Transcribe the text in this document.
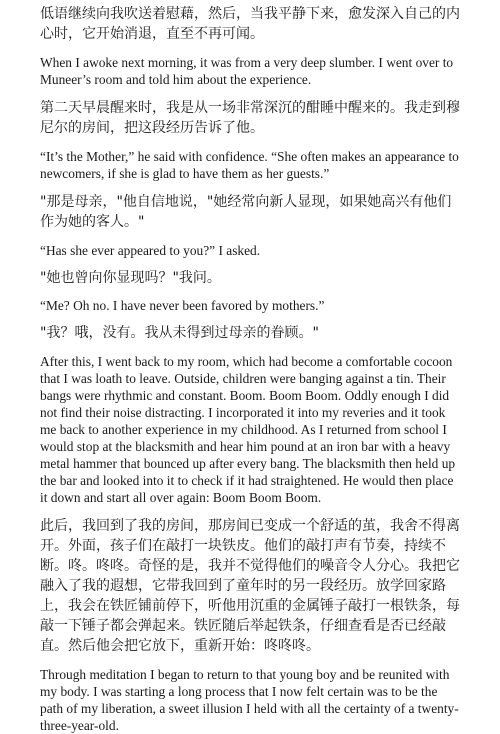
低语继续向我吹送着慰藉，然后，当我平静下来，愈发深入自己的内心时，它开始消退，直至不再可闻。

When I awoke next morning, it was from a very deep slumber. I went over to Muneer’s room and told him about the experience.

第二天早晨醒来时，我是从一场非常深沉的酣睡中醒来的。我走到穆尼尔的房间，把这段经历告诉了他。

“It’s the Mother,” he said with confidence. “She often makes an appearance to newcomers, if she is glad to have them as her guests.”

"那是母亲，"他自信地说，"她经常向新人显现，如果她高兴有他们作为她的客人。"

“Has she ever appeared to you?” I asked.

"她也曾向你显现吗？"我问。

“Me? Oh no. I have never been favored by mothers.”

"我？哦，没有。我从未得到过母亲的眷顾。"

After this, I went back to my room, which had become a comfortable cocoon that I was loath to leave. Outside, children were banging against a tin. Their bangs were rhythmic and constant. Boom. Boom Boom. Oddly enough I did not find their noise distracting. I incorporated it into my reveries and it took me back to another experience in my childhood. As I returned from school I would stop at the blacksmith and hear him pound at an iron bar with a heavy metal hammer that bounced up after every bang. The blacksmith then held up the bar and looked into it to check if it had straightened. He would then place it down and start all over again: Boom Boom Boom.

此后，我回到了我的房间，那房间已变成一个舒适的茧，我舍不得离开。外面，孩子们在敲打一块铁皮。他们的敲打声有节奏，持续不断。咚。咚咚。奇怪的是，我并不觉得他们的噪音令人分心。我把它融入了我的遐想，它带我回到了童年时的另一段经历。放学回家路上，我会在铁匠铺前停下，听他用沉重的金属锤子敲打一根铁条，每敲一下锤子都会弹起来。铁匠随后举起铁条，仔细查看是否已经敲直。然后他会把它放下，重新开始：咚咚咚。

Through meditation I began to return to that young boy and be reunited with my body. I was starting a long process that I now felt certain was to be the path of my liberation, a sweet illusion I held with all the certainty of a twenty-three-year-old.
